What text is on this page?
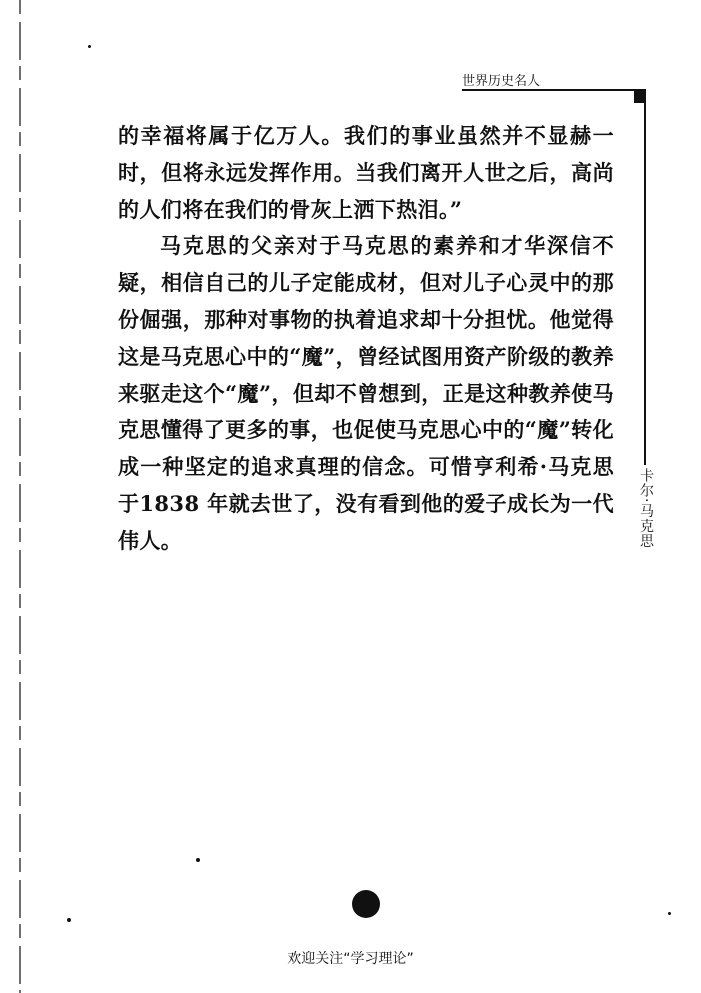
世界历史名人
卡尔·马克思

的幸福将属于亿万人。我们的事业虽然并不显赫一时，但将永远发挥作用。当我们离开人世之后，高尚的人们将在我们的骨灰上洒下热泪。”

马克思的父亲对于马克思的素养和才华深信不疑，相信自己的儿子定能成材，但对儿子心灵中的那份倔强，那种对事物的执着追求却十分担忧。他觉得这是马克思心中的“魔”，曾经试图用资产阶级的教养来驱走这个“魔”，但却不曾想到，正是这种教养使马克思懂得了更多的事，也促使马克思心中的“魔”转化成一种坚定的追求真理的信念。可惜亨利希·马克思于1838 年就去世了，没有看到他的爱子成长为一代伟人。

欢迎关注“学习理论”
